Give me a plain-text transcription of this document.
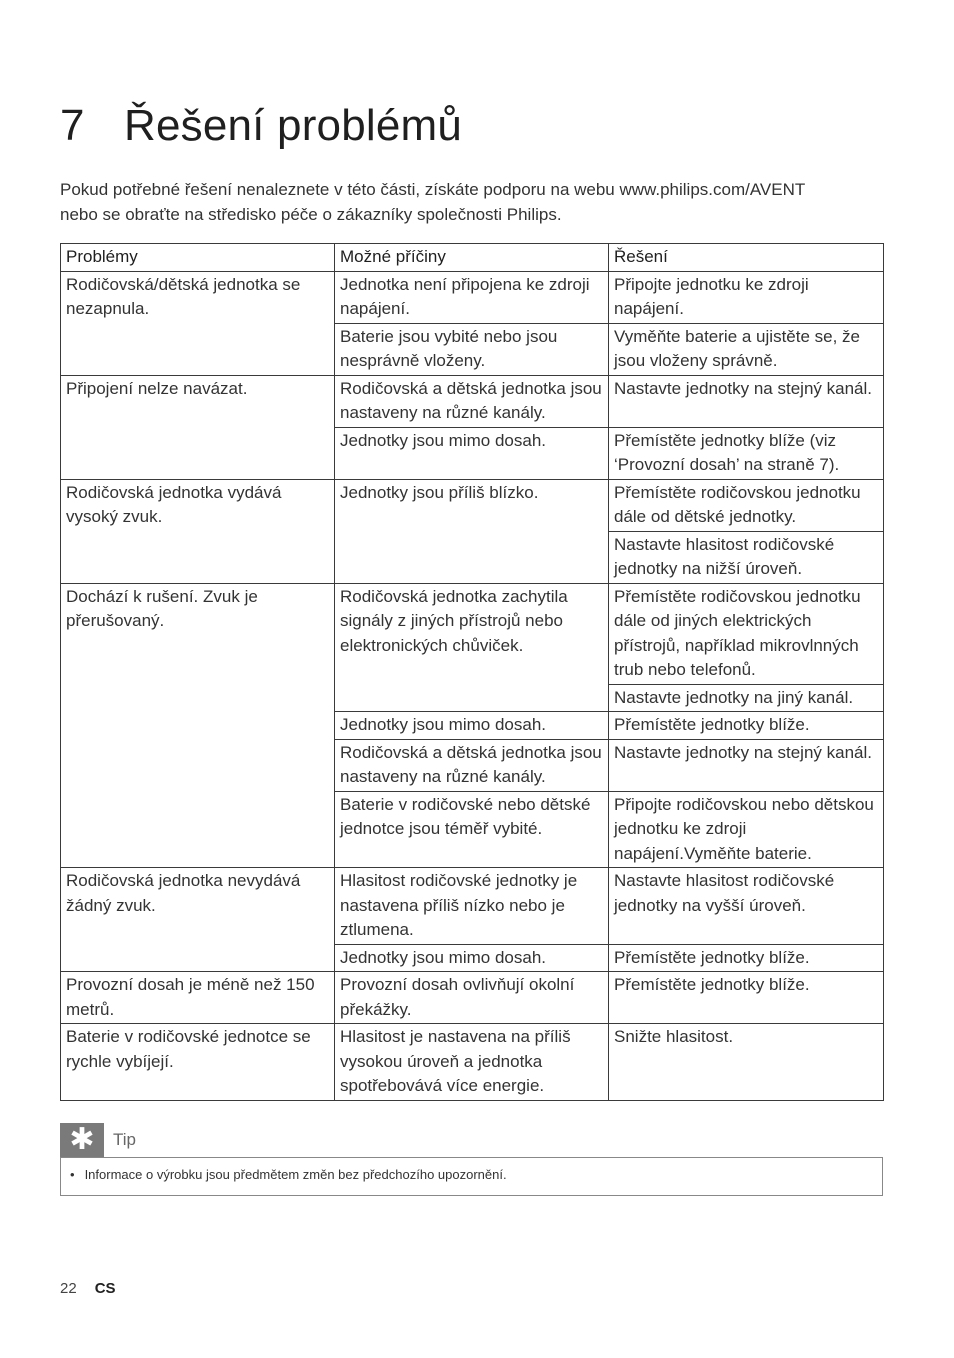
7 Řešení problémů

Pokud potřebné řešení nenaleznete v této části, získáte podporu na webu www.philips.com/AVENT

nebo se obraťte na středisko péče o zákazníky společnosti Philips.

Problémy	Možné příčiny	Řešení
Rodičovská/dětská jednotka se nezapnula.	Jednotka není připojena ke zdroji napájení.	Připojte jednotku ke zdroji napájení.
	Baterie jsou vybité nebo jsou nesprávně vloženy.	Vyměňte baterie a ujistěte se, že jsou vloženy správně.
Připojení nelze navázat.	Rodičovská a dětská jednotka jsou nastaveny na různé kanály.	Nastavte jednotky na stejný kanál.
	Jednotky jsou mimo dosah.	Přemístěte jednotky blíže (viz ‘Provozní dosah’ na straně 7).
Rodičovská jednotka vydává vysoký zvuk.	Jednotky jsou příliš blízko.	Přemístěte rodičovskou jednotku dále od dětské jednotky.
		Nastavte hlasitost rodičovské jednotky na nižší úroveň.
Dochází k rušení. Zvuk je přerušovaný.	Rodičovská jednotka zachytila signály z jiných přístrojů nebo elektronických chůviček.	Přemístěte rodičovskou jednotku dále od jiných elektrických přístrojů, například mikrovlnných trub nebo telefonů.
		Nastavte jednotky na jiný kanál.
	Jednotky jsou mimo dosah.	Přemístěte jednotky blíže.
	Rodičovská a dětská jednotka jsou nastaveny na různé kanály.	Nastavte jednotky na stejný kanál.
	Baterie v rodičovské nebo dětské jednotce jsou téměř vybité.	Připojte rodičovskou nebo dětskou jednotku ke zdroji napájení.Vyměňte baterie.
Rodičovská jednotka nevydává žádný zvuk.	Hlasitost rodičovské jednotky je nastavena příliš nízko nebo je ztlumena.	Nastavte hlasitost rodičovské jednotky na vyšší úroveň.
	Jednotky jsou mimo dosah.	Přemístěte jednotky blíže.
Provozní dosah je méně než 150 metrů.	Provozní dosah ovlivňují okolní překážky.	Přemístěte jednotky blíže.
Baterie v rodičovské jednotce se rychle vybíjejí.	Hlasitost je nastavena na příliš vysokou úroveň a jednotka spotřebovává více energie.	Snižte hlasitost.
✱	Tip
• Informace o výrobku jsou předmětem změn bez předchozího upozornění.
22 CS
